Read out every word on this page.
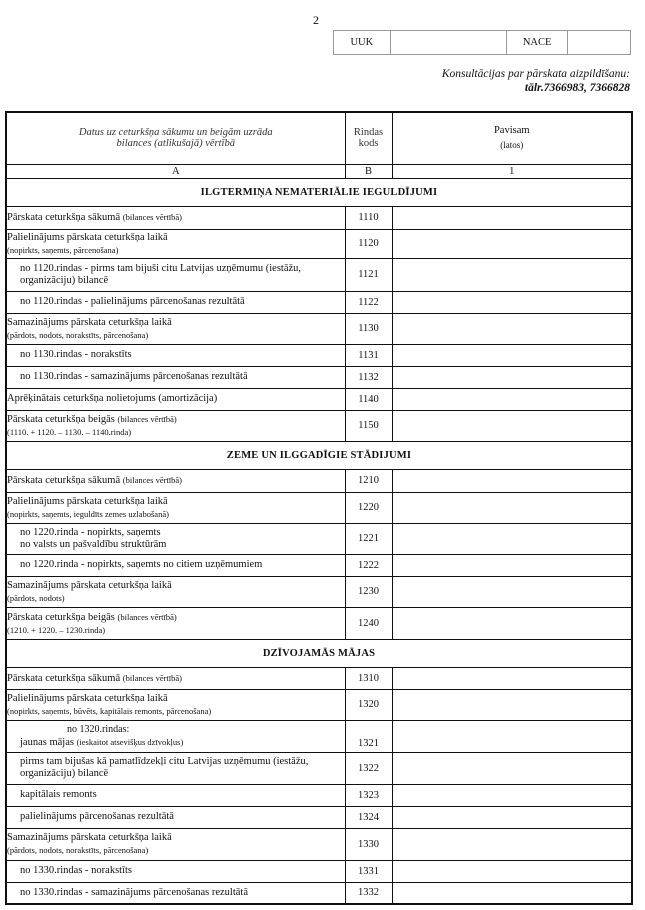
2
UUK	NACE
Konsultācijas par pārskata aizpildīšanu:
tālr.7366983, 7366828
Datus uz ceturkšņa sākumu un beigām uzrāda bilances (atlikušajā) vērtībā	Rindas kods	Pavisam
(latos)

A	B	1
ILGTERMIŅA NEMATERIĀLIE IEGULDĪJUMI		
Pārskata ceturkšņa sākumā (bilances vērtībā)	1110	
Palielinājums pārskata ceturkšņa laikā
(nopirkts, saņemts, pārcenošana)	1120	
no 1120.rindas - pirms tam bijuši citu Latvijas uzņēmumu (iestāžu, organizāciju) bilancē	1121	
no 1120.rindas - palielinājums pārcenošanas rezultātā	1122	
Samazinājums pārskata ceturkšņa laikā
(pārdots, nodots, norakstīts, pārcenošana)	1130	
no 1130.rindas - norakstīts	1131	
no 1130.rindas - samazinājums pārcenošanas rezultātā	1132	
Aprēķinātais ceturkšņa nolietojums (amortizācija)	1140	
Pārskata ceturkšņa beigās (bilances vērtībā)
(1110. + 1120. – 1130. – 1140.rinda)	1150	
ZEME UN ILGGADĪGIE STĀDIJUMI		
Pārskata ceturkšņa sākumā (bilances vērtībā)	1210	
Palielinājums pārskata ceturkšņa laikā
(nopirkts, saņemts, ieguldīts zemes uzlabošanā)	1220	
no 1220.rinda - nopirkts, saņemts
no valsts un pašvaldību struktūrām	1221	
no 1220.rinda - nopirkts, saņemts no citiem uzņēmumiem	1222	
Samazinājums pārskata ceturkšņa laikā
(pārdots, nodots)	1230	
Pārskata ceturkšņa beigās (bilances vērtībā)
(1210. + 1220. – 1230.rinda)	1240	
DZĪVOJAMĀS MĀJAS		
Pārskata ceturkšņa sākumā (bilances vērtībā)	1310	
Palielinājums pārskata ceturkšņa laikā
(nopirkts, saņemts, būvēts, kapitālais remonts, pārcenošana)	1320	

no 1320.rindas:
jaunas mājas (ieskaitot atsevišķus dzīvokļus)	1321	
pirms tam bijušas kā pamatlīdzekļi citu Latvijas uzņēmumu (iestāžu, organizāciju) bilancē	1322	
kapitālais remonts	1323	
palielinājums pārcenošanas rezultātā	1324	
Samazinājums pārskata ceturkšņa laikā
(pārdots, nodots, norakstīts, pārcenošana)	1330	
no 1330.rindas - norakstīts	1331	
no 1330.rindas - samazinājums pārcenošanas rezultātā	1332	
